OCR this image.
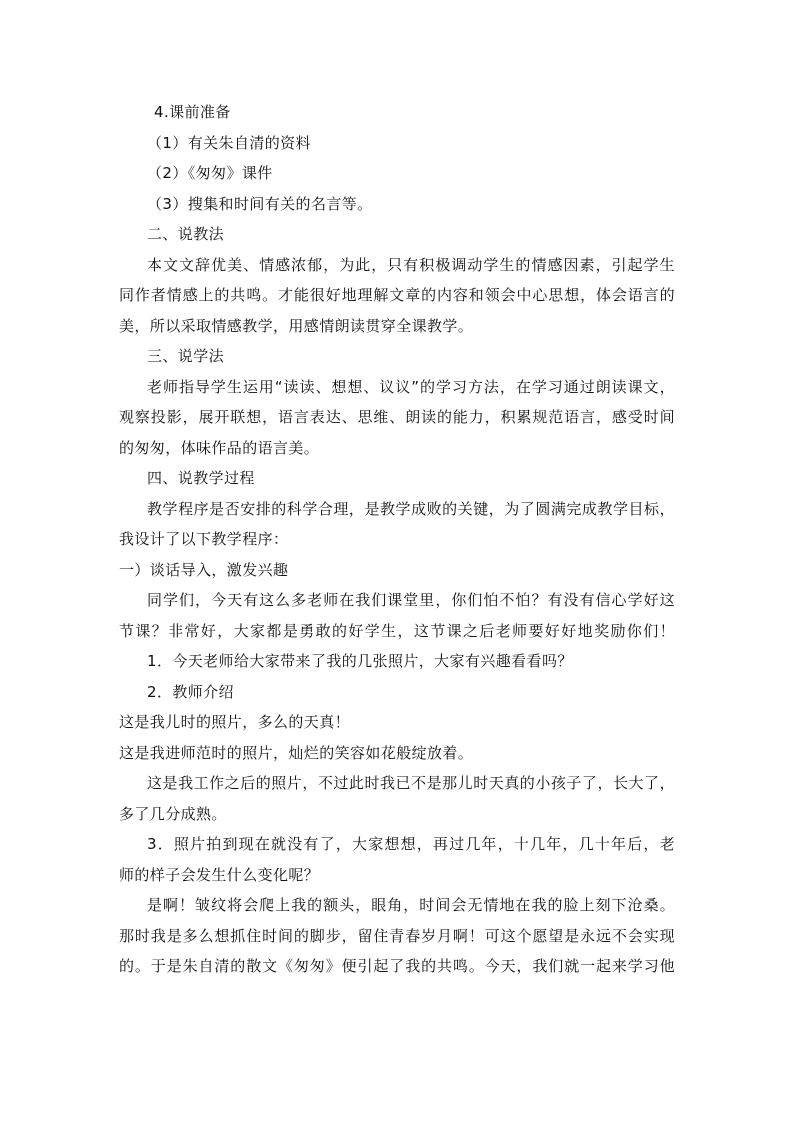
4.课前准备
（1）有关朱自清的资料
（2）《匆匆》课件
（3）搜集和时间有关的名言等。
二、说教法
本文文辞优美、情感浓郁，为此，只有积极调动学生的情感因素，引起学生
同作者情感上的共鸣。才能很好地理解文章的内容和领会中心思想，体会语言的
美，所以采取情感教学，用感情朗读贯穿全课教学。
三、说学法
老师指导学生运用“读读、想想、议议”的学习方法，在学习通过朗读课文，
观察投影，展开联想，语言表达、思维、朗读的能力，积累规范语言，感受时间
的匆匆，体味作品的语言美。
四、说教学过程
教学程序是否安排的科学合理，是教学成败的关键，为了圆满完成教学目标，
我设计了以下教学程序：
一）谈话导入，激发兴趣
同学们，今天有这么多老师在我们课堂里，你们怕不怕？有没有信心学好这
节课？非常好，大家都是勇敢的好学生，这节课之后老师要好好地奖励你们！
1．今天老师给大家带来了我的几张照片，大家有兴趣看看吗？
2．教师介绍
这是我儿时的照片，多么的天真！
这是我进师范时的照片，灿烂的笑容如花般绽放着。
这是我工作之后的照片，不过此时我已不是那儿时天真的小孩子了，长大了，
多了几分成熟。
3．照片拍到现在就没有了，大家想想，再过几年，十几年，几十年后，老
师的样子会发生什么变化呢？
是啊！皱纹将会爬上我的额头，眼角，时间会无情地在我的脸上刻下沧桑。
那时我是多么想抓住时间的脚步，留住青春岁月啊！可这个愿望是永远不会实现
的。于是朱自清的散文《匆匆》便引起了我的共鸣。今天，我们就一起来学习他
